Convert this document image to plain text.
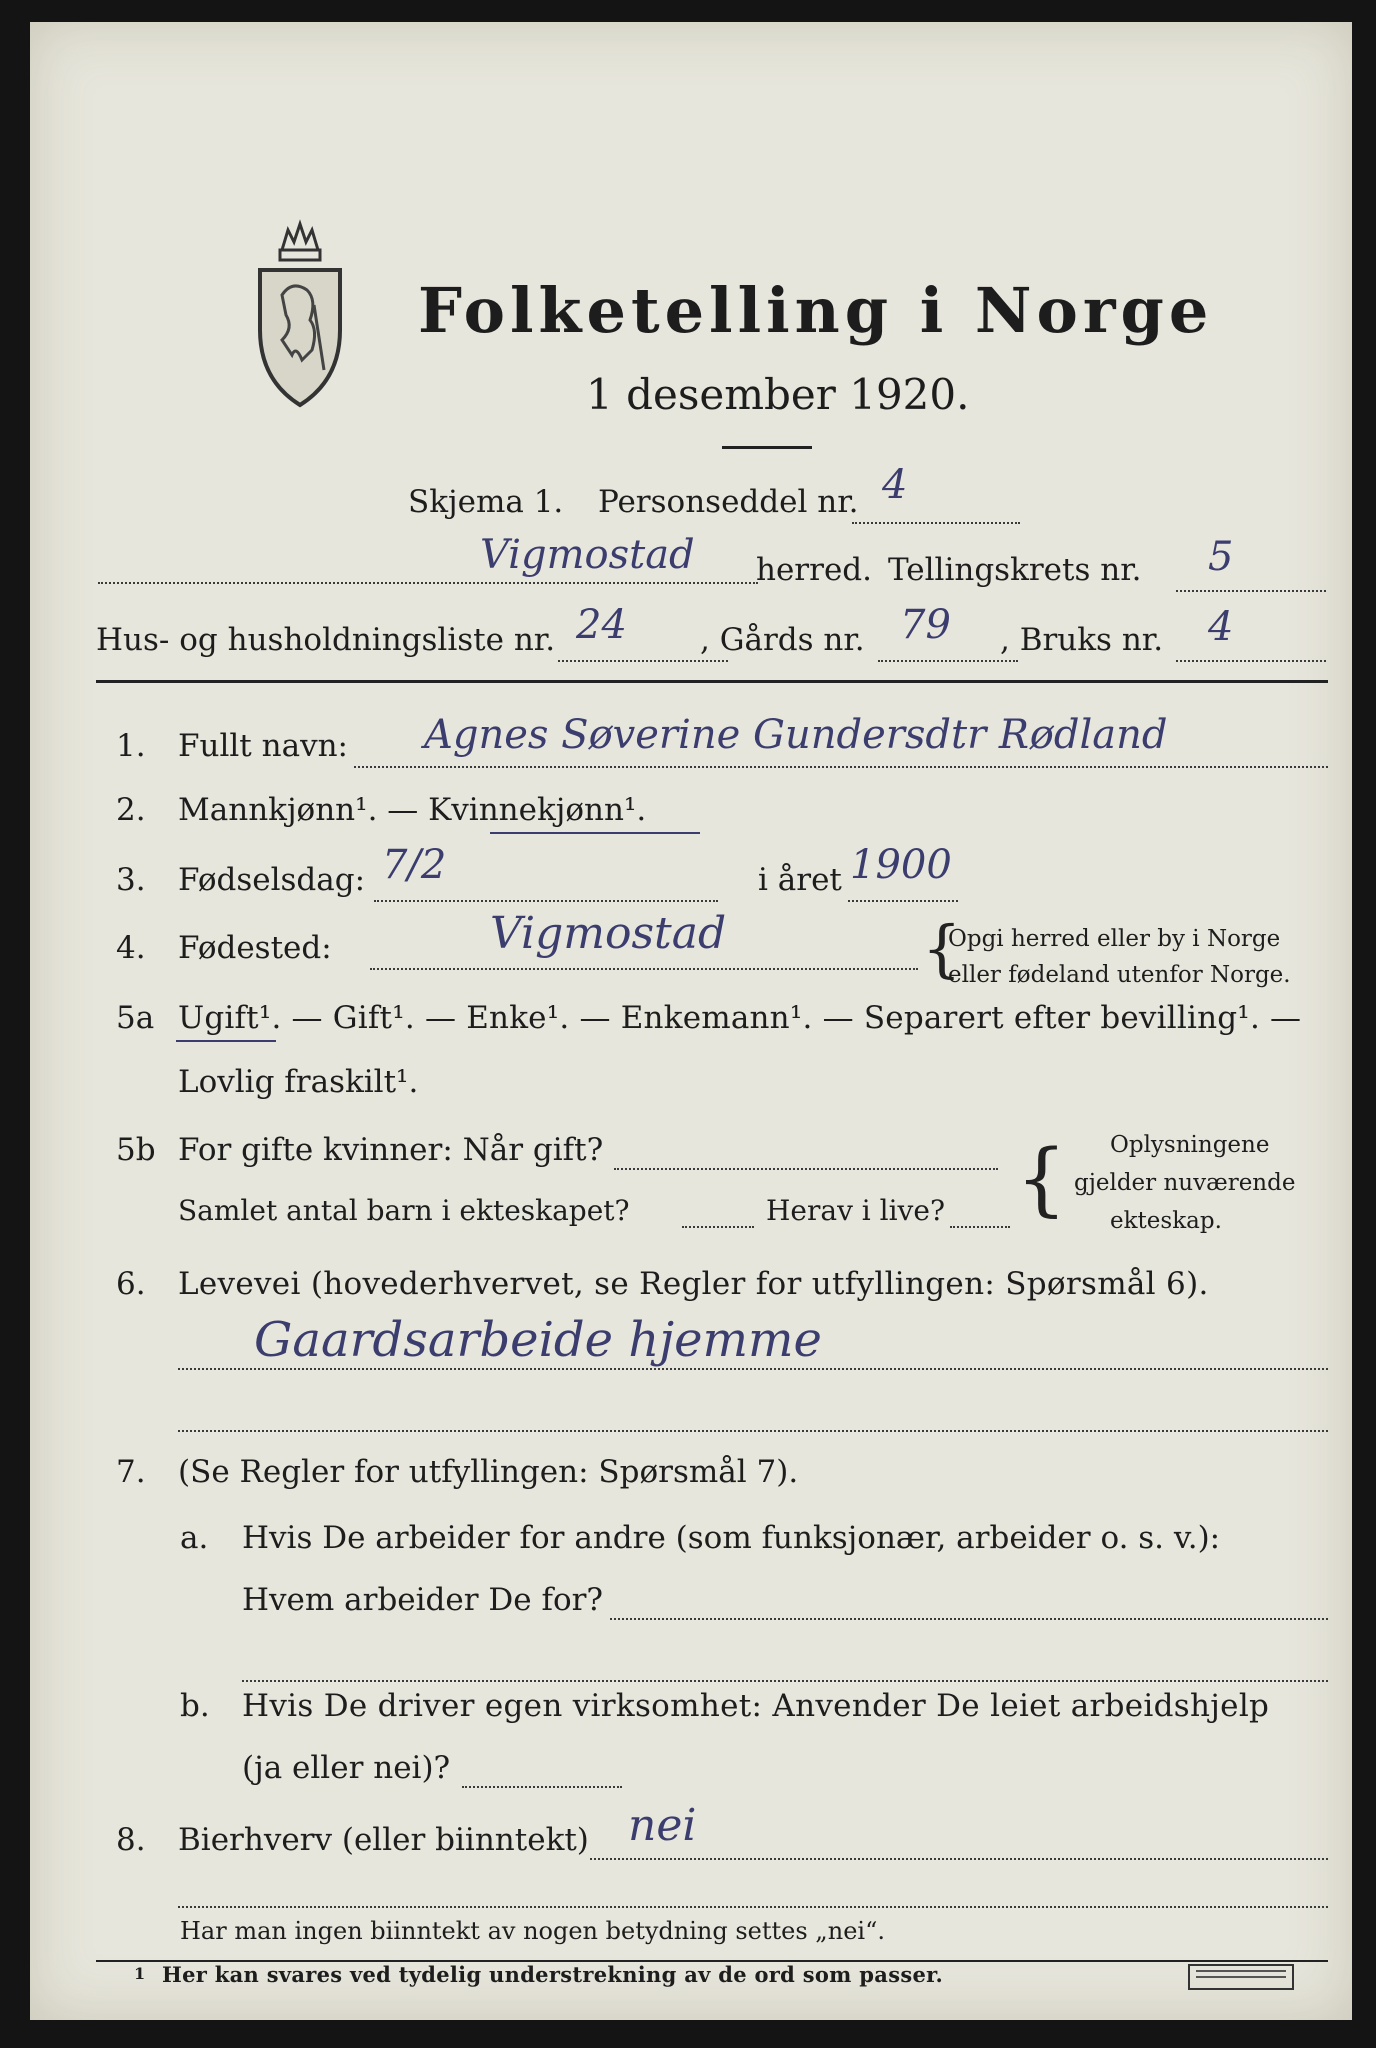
Folketelling i Norge
1 desember 1920.
Skjema 1. Personseddel nr. 4
Vigmostad herred. Tellingskrets nr. 5
Hus- og husholdningsliste nr. 24 , Gårds nr. 79 , Bruks nr. 4
1. Fullt navn: Agnes Søverine Gundersdtr Rødland
2. Mannkjønn¹. — Kvinnekjønn¹.
3. Fødselsdag: 7/2	i året 1900
4. Fødested:	Vigmostad	{
Opgi herred eller by i Norge
eller fødeland utenfor Norge.
5a Ugift¹. — Gift¹. — Enke¹. — Enkemann¹. — Separert efter bevilling¹. —
Lovlig fraskilt¹.
5b For gifte kvinner: Når gift?
Samlet antal barn i ekteskapet?	Herav i live? { Oplysningene
gjelder nuværende
ekteskap.
6. Levevei (hovederhvervet, se Regler for utfyllingen: Spørsmål 6).
Gaardsarbeide hjemme
7. (Se Regler for utfyllingen: Spørsmål 7).
a. Hvis De arbeider for andre (som funksjonær, arbeider o. s. v.):
Hvem arbeider De for?
b. Hvis De driver egen virksomhet: Anvender De leiet arbeidshjelp
(ja eller nei)?
8. Bierhverv (eller biinntekt) nei
Har man ingen biinntekt av nogen betydning settes „nei“.
1 Her kan svares ved tydelig understrekning av de ord som passer.
